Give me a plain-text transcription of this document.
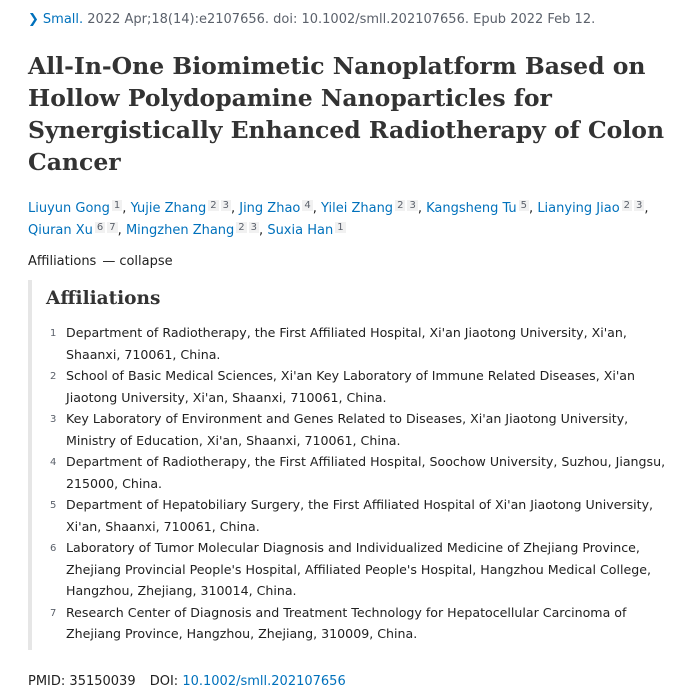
❯ Small. 2022 Apr;18(14):e2107656. doi: 10.1002/smll.202107656. Epub 2022 Feb 12.
All-In-One Biomimetic Nanoplatform Based on Hollow Polydopamine Nanoparticles for Synergistically Enhanced Radiotherapy of Colon Cancer
Liuyun Gong $^1$ , Yujie Zhang $^2$ $^3$ , Jing Zhao $^4$ , Yilei Zhang $^2$ $^3$ , Kangsheng Tu $^5$ , Lianying Jiao $^2$ $^3$ , Qiuran Xu $^6$ $^7$ , Mingzhen Zhang $^2$ $^3$ , Suxia Han $^1$
Affiliations — collapse
Affiliations
1 Department of Radiotherapy, the First Affiliated Hospital, Xi'an Jiaotong University, Xi'an, Shaanxi, 710061, China.
2 School of Basic Medical Sciences, Xi'an Key Laboratory of Immune Related Diseases, Xi'an Jiaotong University, Xi'an, Shaanxi, 710061, China.
3 Key Laboratory of Environment and Genes Related to Diseases, Xi'an Jiaotong University, Ministry of Education, Xi'an, Shaanxi, 710061, China.
4 Department of Radiotherapy, the First Affiliated Hospital, Soochow University, Suzhou, Jiangsu, 215000, China.
5 Department of Hepatobiliary Surgery, the First Affiliated Hospital of Xi'an Jiaotong University, Xi'an, Shaanxi, 710061, China.
6 Laboratory of Tumor Molecular Diagnosis and Individualized Medicine of Zhejiang Province, Zhejiang Provincial People's Hospital, Affiliated People's Hospital, Hangzhou Medical College, Hangzhou, Zhejiang, 310014, China.
7 Research Center of Diagnosis and Treatment Technology for Hepatocellular Carcinoma of Zhejiang Province, Hangzhou, Zhejiang, 310009, China.
PMID: 35150039 DOI: 10.1002/smll.202107656
